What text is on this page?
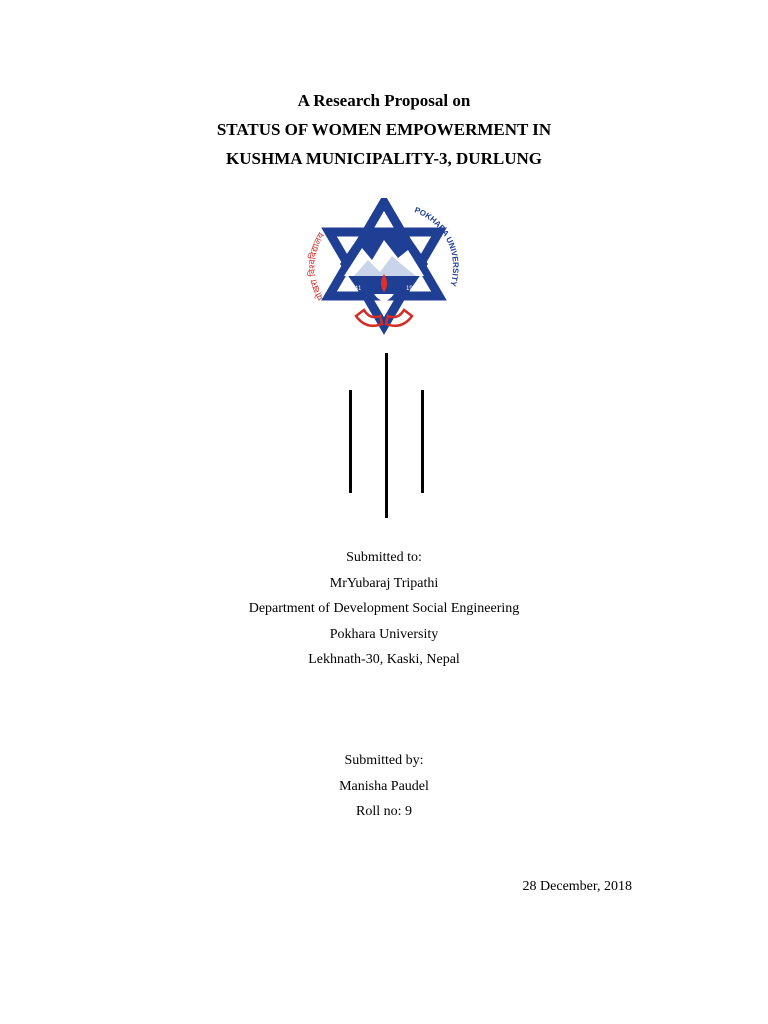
A Research Proposal on
STATUS OF WOMEN EMPOWERMENT IN
KUSHMA MUNICIPALITY-3, DURLUNG
2041	1997
पोखरा विश्वविद्यालय
POKHARA UNIVERSITY
Submitted to:
MrYubaraj Tripathi
Department of Development Social Engineering
Pokhara University
Lekhnath-30, Kaski, Nepal
Submitted by:
Manisha Paudel
Roll no: 9
28 December, 2018
